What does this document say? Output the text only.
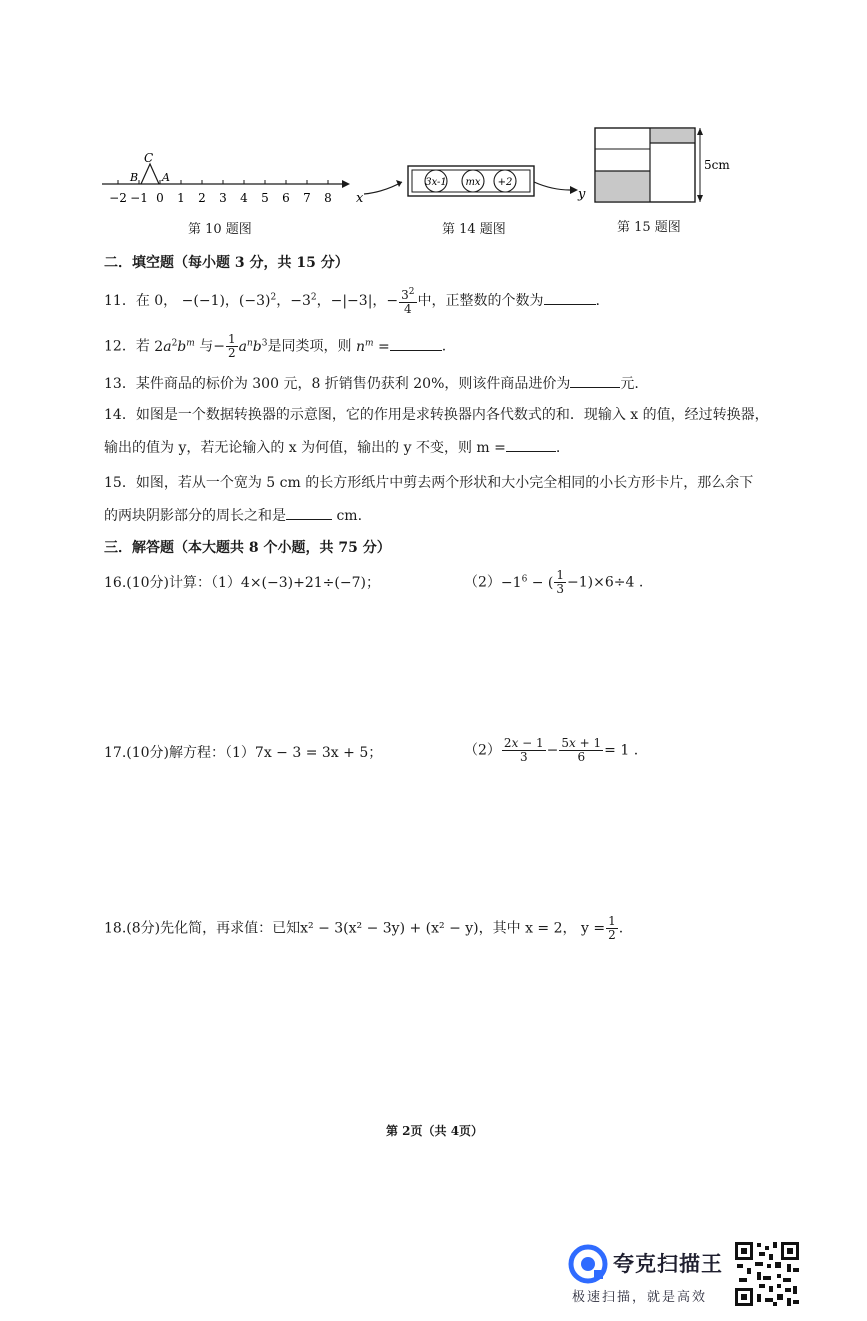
−2 −1 0 1 2 3 4 5 6 7 8
C
B A
第 10 题图
3x-1 mx +2
x	y
第 14 题图
5cm
第 15 题图
二．填空题（每小题 3 分，共 15 分）
11．在 0， −(−1)，$(-3)^2$，$-3^2$，−|−3|，− $\frac{3^2}{4}$ 中，正整数的个数为	.
12．若 $2a^2b^m$ 与− $\frac{1}{2} a^nb^3$是同类项，则 $n^m$ =	.
13．某件商品的标价为 300 元，8 折销售仍获利 20%，则该件商品进价为	元.
14．如图是一个数据转换器的示意图，它的作用是求转换器内各代数式的和．现输入 x 的值，经过转换器，
输出的值为 y，若无论输入的 x 为何值，输出的 y 不变，则 m =	.
15．如图，若从一个宽为 5 cm 的长方形纸片中剪去两个形状和大小完全相同的小长方形卡片，那么余下
的两块阴影部分的周长之和是	cm.
三．解答题（本大题共 8 个小题，共 75 分）
16.(10分)计算：（1）4×(−3)+21÷(−7)；	$(2)-1^6$ − ( $\frac{1}{3} -1)\times 6\div 4$ .
17.(10分)解方程：（1）7x − 3 = 3x + 5；	$(2) \frac{2x - 1}{3} - \frac{5x + 1}{6} = 1$ .
18.(8分)先化简，再求值：已知x² − 3(x² − 3y) + (x² − y)，其中 x = 2， $y = \frac{1}{2}$ .
第 2页（共 4页）
夸克扫描王
极速扫描，就是高效
